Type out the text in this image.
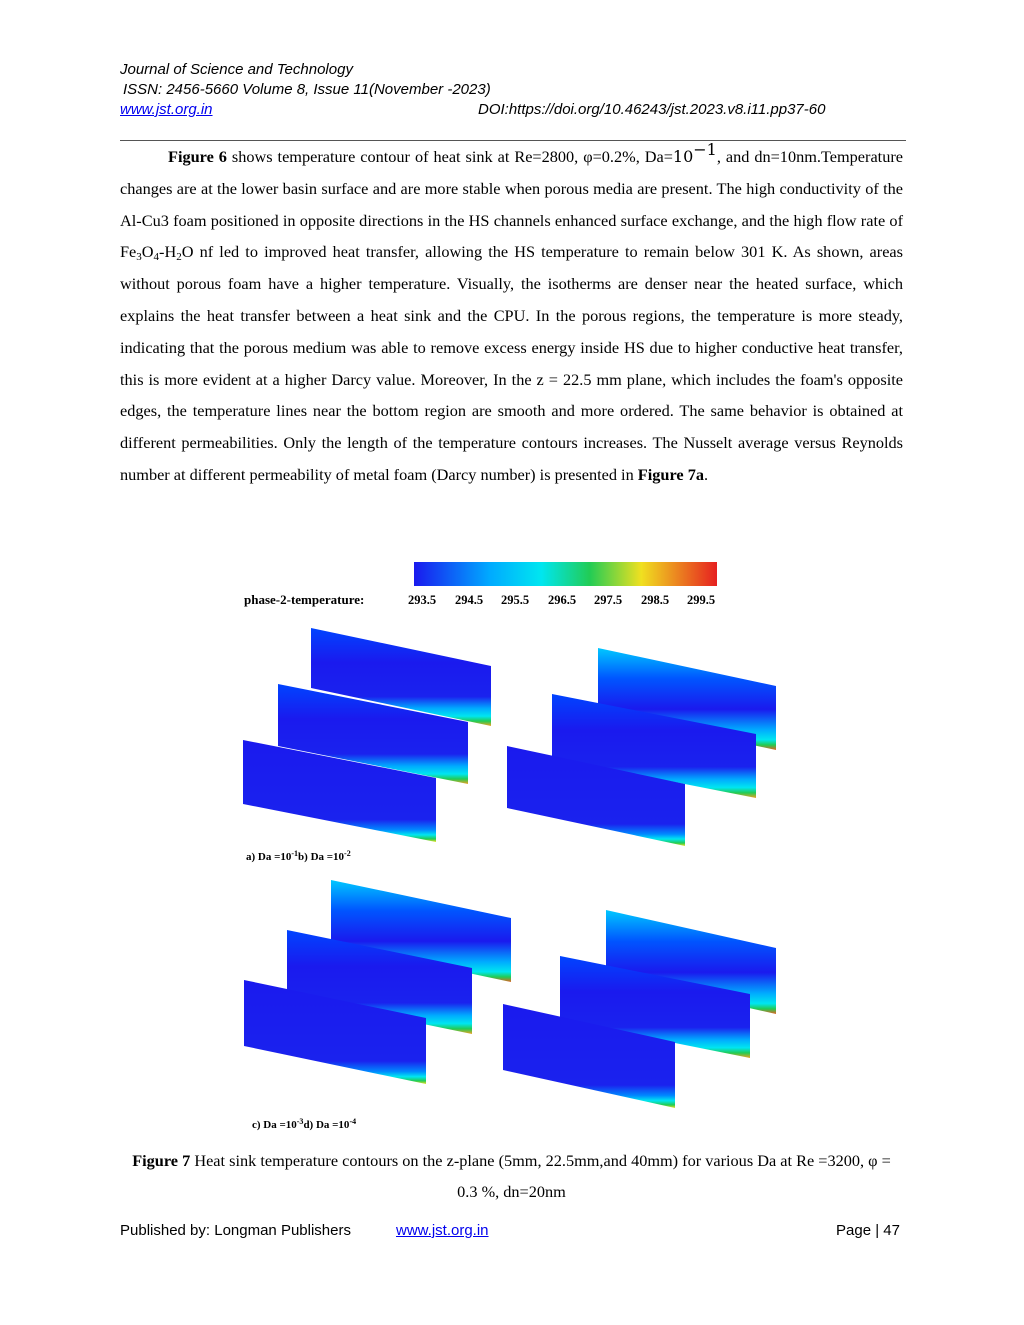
Journal of Science and Technology
ISSN: 2456-5660 Volume 8, Issue 11(November -2023)
www.jst.org.in	DOI:https://doi.org/10.46243/jst.2023.v8.i11.pp37-60

Figure 6 shows temperature contour of heat sink at Re=2800, φ=0.2%, Da=10−1, and dn=10nm.Temperature changes are at the lower basin surface and are more stable when porous media are present. The high conductivity of the Al-Cu3 foam positioned in opposite directions in the HS channels enhanced surface exchange, and the high flow rate of $Fe_3O_4-H_2O$ nf led to improved heat transfer, allowing the HS temperature to remain below 301 K. As shown, areas without porous foam have a higher temperature. Visually, the isotherms are denser near the heated surface, which explains the heat transfer between a heat sink and the CPU. In the porous regions, the temperature is more steady, indicating that the porous medium was able to remove excess energy inside HS due to higher conductive heat transfer, this is more evident at a higher Darcy value. Moreover, In the z = 22.5 mm plane, which includes the foam's opposite edges, the temperature lines near the bottom region are smooth and more ordered. The same behavior is obtained at different permeabilities. Only the length of the temperature contours increases. The Nusselt average versus Reynolds number at different permeability of metal foam (Darcy number) is presented in Figure 7a.

phase-2-temperature:	293.5 294.5 295.5 296.5 297.5 298.5 299.5
a) $Da =10^{-1}b$) $Da =10^{-2}$
c) $Da =10^{-3}d$) $Da =10^{-4}$
Figure 7 Heat sink temperature contours on the z-plane (5mm, 22.5mm,and 40mm) for various Da at Re =3200, φ = 0.3 %, dn=20nm
Published by: Longman Publishers	www.jst.org.in	Page | 47
